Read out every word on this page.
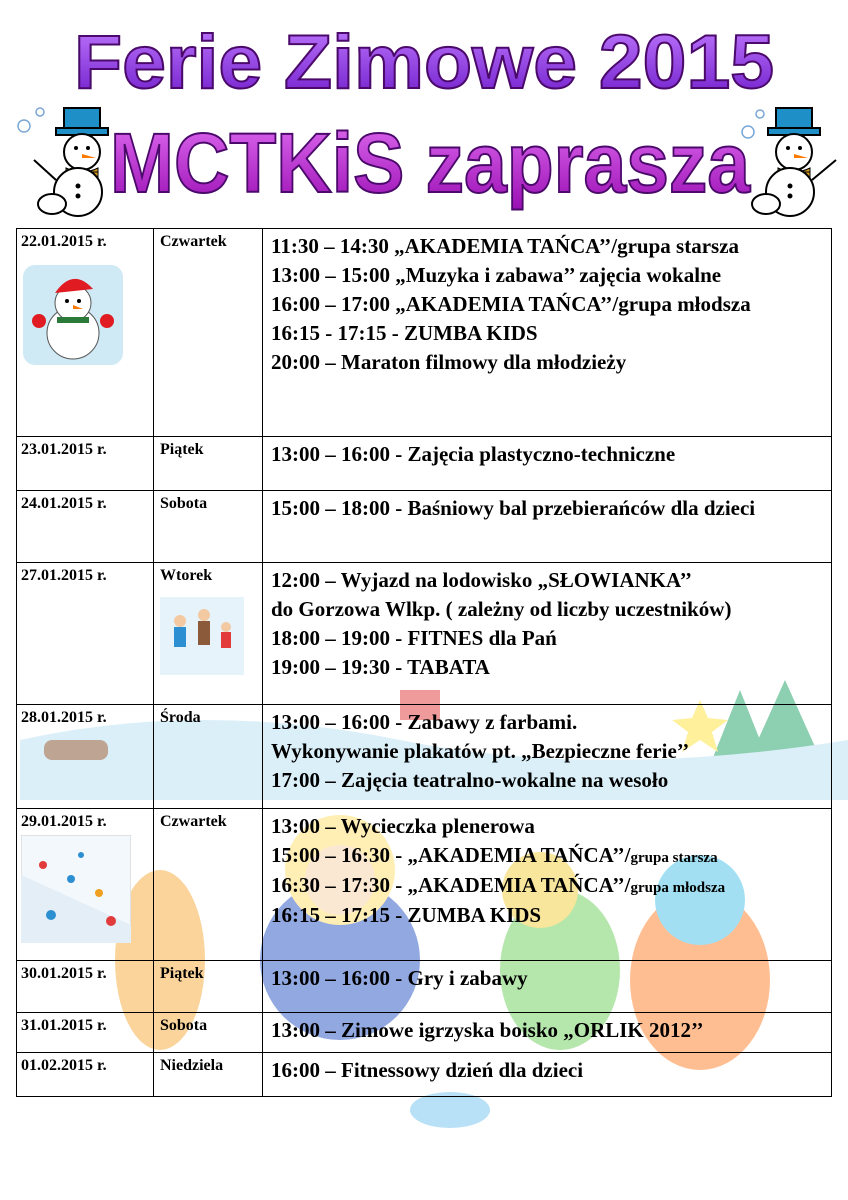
Ferie Zimowe 2015
MCTKiS zaprasza
22.01.2015 r.	Czwartek	11:30 – 14:30 „AKADEMIA TAŃCA’’/grupa starsza
13:00 – 15:00 „Muzyka i zabawa’’ zajęcia wokalne
16:00 – 17:00 „AKADEMIA TAŃCA’’/grupa młodsza
16:15 - 17:15 - ZUMBA KIDS
20:00 – Maraton filmowy dla młodzieży

23.01.2015 r.	Piątek	13:00 – 16:00 - Zajęcia plastyczno-techniczne

24.01.2015 r.	Sobota	15:00 – 18:00 - Baśniowy bal przebierańców dla dzieci

27.01.2015 r.	Wtorek	12:00 – Wyjazd na lodowisko „SŁOWIANKA’’
do Gorzowa Wlkp. ( zależny od liczby uczestników)
18:00 – 19:00 - FITNES dla Pań
19:00 – 19:30 - TABATA

28.01.2015 r.	Środa	13:00 – 16:00 - Zabawy z farbami.
Wykonywanie plakatów pt. „Bezpieczne ferie’’
17:00 – Zajęcia teatralno-wokalne na wesoło

29.01.2015 r.	Czwartek	13:00 – Wycieczka plenerowa
15:00 – 16:30 - „AKADEMIA TAŃCA’’/grupa starsza
16:30 – 17:30 - „AKADEMIA TAŃCA’’/grupa młodsza
16:15 – 17:15 - ZUMBA KIDS

30.01.2015 r.	Piątek	13:00 – 16:00 - Gry i zabawy

31.01.2015 r.	Sobota	13:00 – Zimowe igrzyska boisko „ORLIK 2012’’

01.02.2015 r.	Niedziela	16:00 – Fitnessowy dzień dla dzieci
